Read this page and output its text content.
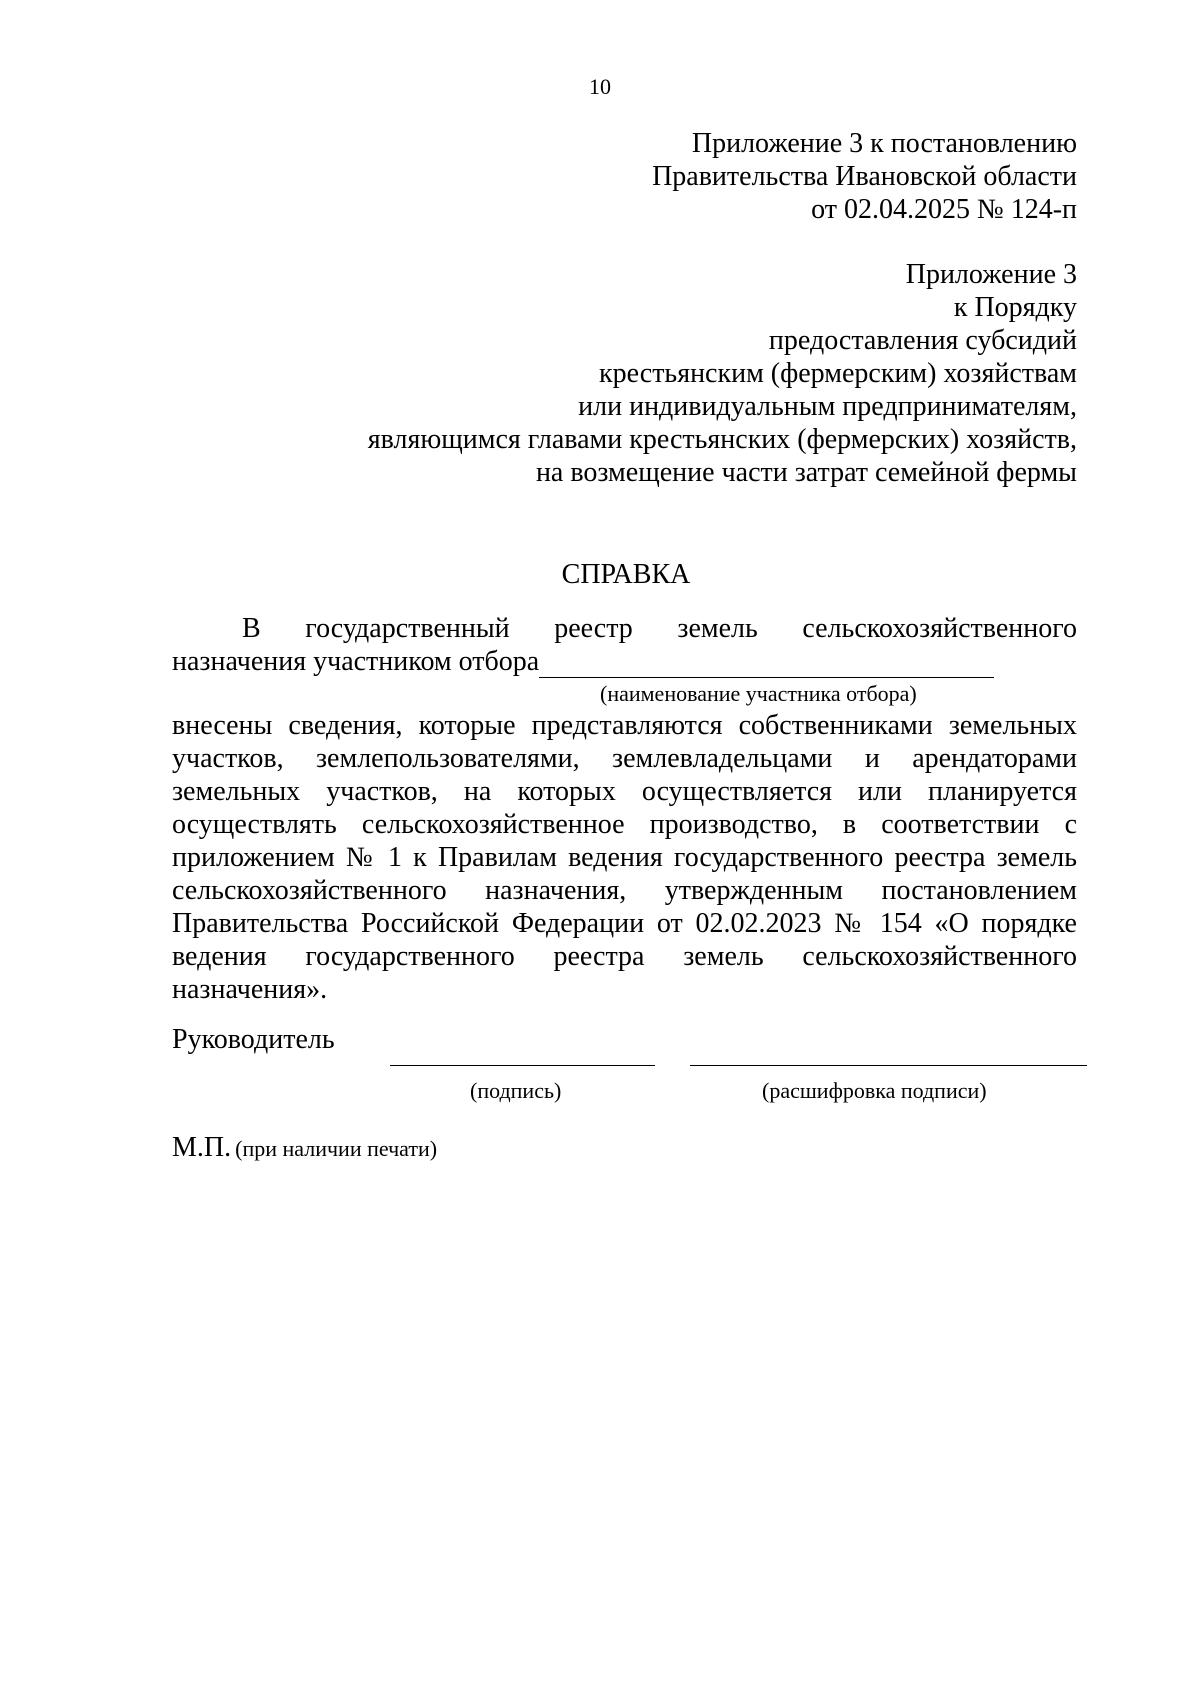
10
Приложение 3 к постановлению
Правительства Ивановской области
от 02.04.2025 № 124-п
Приложение 3
к Порядку
предоставления субсидий
крестьянским (фермерским) хозяйствам
или индивидуальным предпринимателям,
являющимся главами крестьянских (фермерских) хозяйств,
на возмещение части затрат семейной фермы
СПРАВКА
В государственный реестр земель сельскохозяйственного
назначения участником отбора
(наименование участника отбора)
внесены сведения, которые представляются собственниками земельных участков, землепользователями, землевладельцами и арендаторами земельных участков, на которых осуществляется или планируется осуществлять сельскохозяйственное производство, в соответствии с приложением № 1 к Правилам ведения государственного реестра земель сельскохозяйственного назначения, утвержденным постановлением Правительства Российской Федерации от 02.02.2023 № 154 «О порядке ведения государственного реестра земель сельскохозяйственного назначения».
Руководитель
(подпись)	(расшифровка подписи)
М.П. (при наличии печати)
